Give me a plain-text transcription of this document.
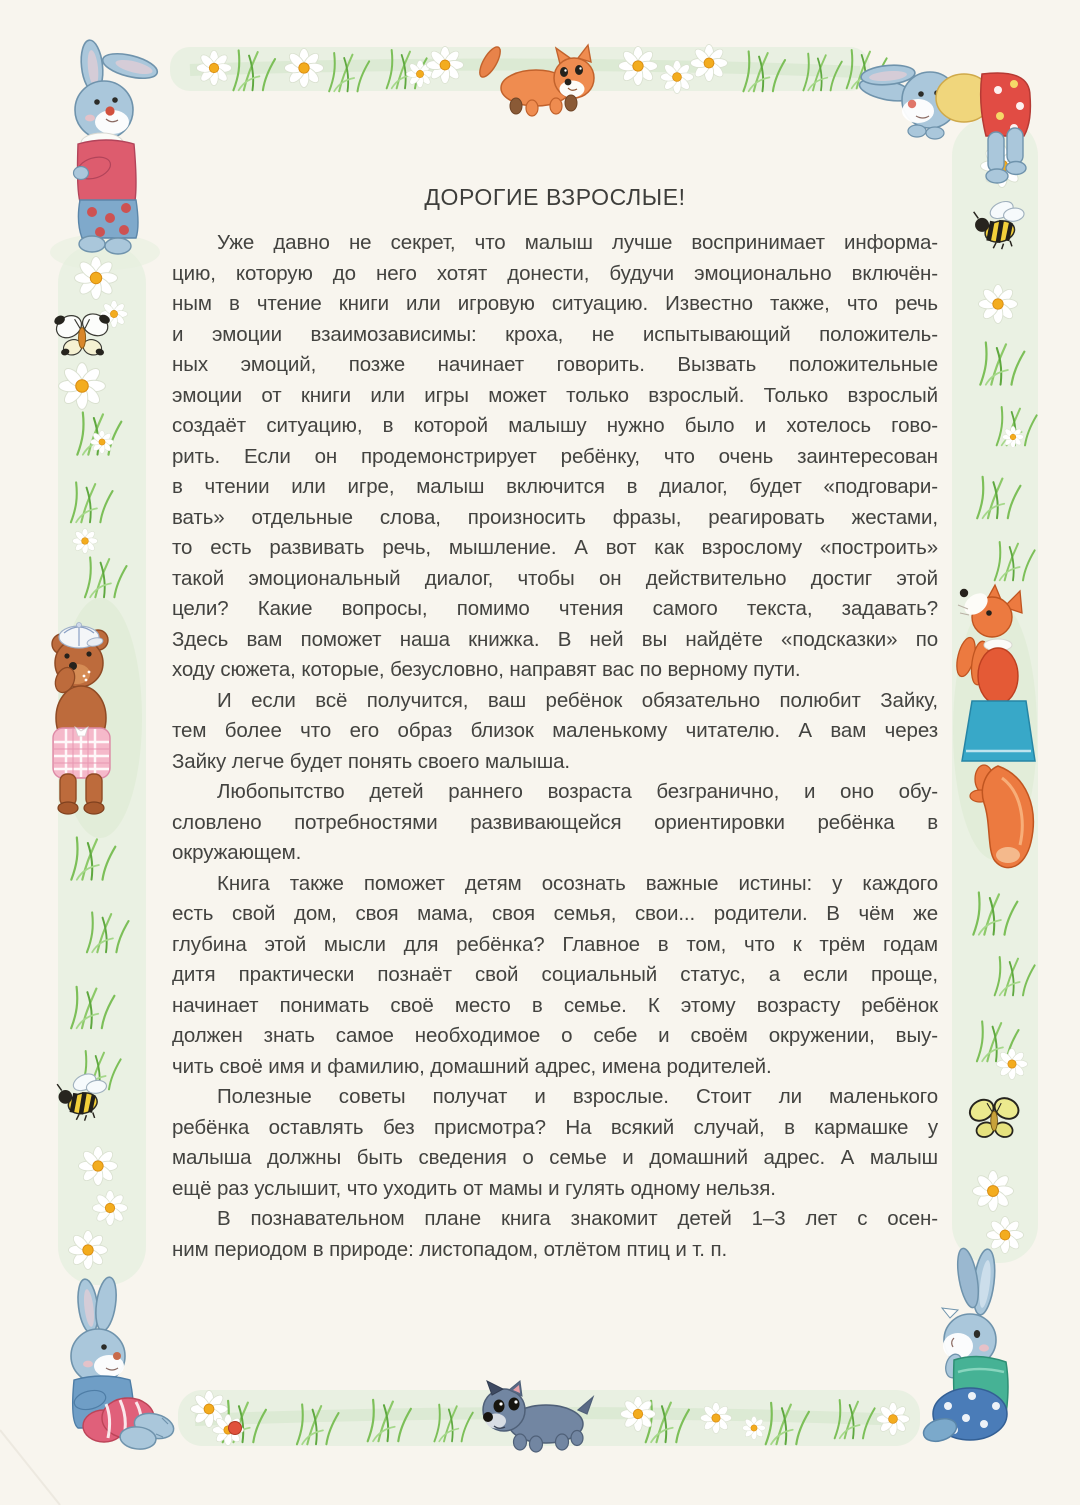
ДОРОГИЕ ВЗРОСЛЫЕ!
Уже давно не секрет, что малыш лучше воспринимает информа-
цию, которую до него хотят донести, будучи эмоционально включён-
ным в чтение книги или игровую ситуацию. Известно также, что речь
и эмоции взаимозависимы: кроха, не испытывающий положитель-
ных эмоций, позже начинает говорить. Вызвать положительные
эмоции от книги или игры может только взрослый. Только взрослый
создаёт ситуацию, в которой малышу нужно было и хотелось гово-
рить. Если он продемонстрирует ребёнку, что очень заинтересован
в чтении или игре, малыш включится в диалог, будет «подговари-
вать» отдельные слова, произносить фразы, реагировать жестами,
то есть развивать речь, мышление. А вот как взрослому «построить»
такой эмоциональный диалог, чтобы он действительно достиг этой
цели? Какие вопросы, помимо чтения самого текста, задавать?
Здесь вам поможет наша книжка. В ней вы найдёте «подсказки» по
ходу сюжета, которые, безусловно, направят вас по верному пути.
И если всё получится, ваш ребёнок обязательно полюбит Зайку,
тем более что его образ близок маленькому читателю. А вам через
Зайку легче будет понять своего малыша.
Любопытство детей раннего возраста безгранично, и оно обу-
словлено потребностями развивающейся ориентировки ребёнка в
окружающем.
Книга также поможет детям осознать важные истины: у каждого
есть свой дом, своя мама, своя семья, свои... родители. В чём же
глубина этой мысли для ребёнка? Главное в том, что к трём годам
дитя практически познаёт свой социальный статус, а если проще,
начинает понимать своё место в семье. К этому возрасту ребёнок
должен знать самое необходимое о себе и своём окружении, выу-
чить своё имя и фамилию, домашний адрес, имена родителей.
Полезные советы получат и взрослые. Стоит ли маленького
ребёнка оставлять без присмотра? На всякий случай, в кармашке у
малыша должны быть сведения о семье и домашний адрес. А малыш
ещё раз услышит, что уходить от мамы и гулять одному нельзя.
В познавательном плане книга знакомит детей 1–3 лет с осен-
ним периодом в природе: листопадом, отлётом птиц и т. п.
